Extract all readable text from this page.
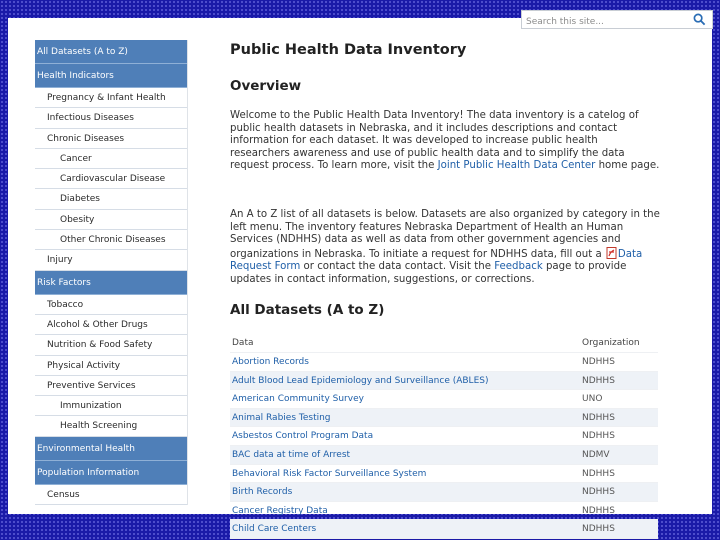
Search this site...
All Datasets (A to Z)
Health Indicators
Pregnancy & Infant Health
Infectious Diseases
Chronic Diseases
Cancer
Cardiovascular Disease
Diabetes
Obesity
Other Chronic Diseases
Injury
Risk Factors
Tobacco
Alcohol & Other Drugs
Nutrition & Food Safety
Physical Activity
Preventive Services
Immunization
Health Screening
Environmental Health
Population Information
Census
Public Health Data Inventory
Overview

Welcome to the Public Health Data Inventory! The data inventory is a catelog of public health datasets in Nebraska, and it includes descriptions and contact information for each dataset. It was developed to increase public health researchers awareness and use of public health data and to simplify the data request process. To learn more, visit the Joint Public Health Data Center home page.

An A to Z list of all datasets is below. Datasets are also organized by category in the left menu. The inventory features Nebraska Department of Health an Human Services (NDHHS) data as well as data from other government agencies and organizations in Nebraska. To initiate a request for NDHHS data, fill out a Data Request Form or contact the data contact. Visit the Feedback page to provide updates in contact information, suggestions, or corrections.

All Datasets (A to Z)
Data	Organization
Abortion Records	NDHHS
Adult Blood Lead Epidemiology and Surveillance (ABLES)	NDHHS
American Community Survey	UNO
Animal Rabies Testing	NDHHS
Asbestos Control Program Data	NDHHS
BAC data at time of Arrest	NDMV
Behavioral Risk Factor Surveillance System	NDHHS
Birth Records	NDHHS
Cancer Registry Data	NDHHS
Child Care Centers	NDHHS
